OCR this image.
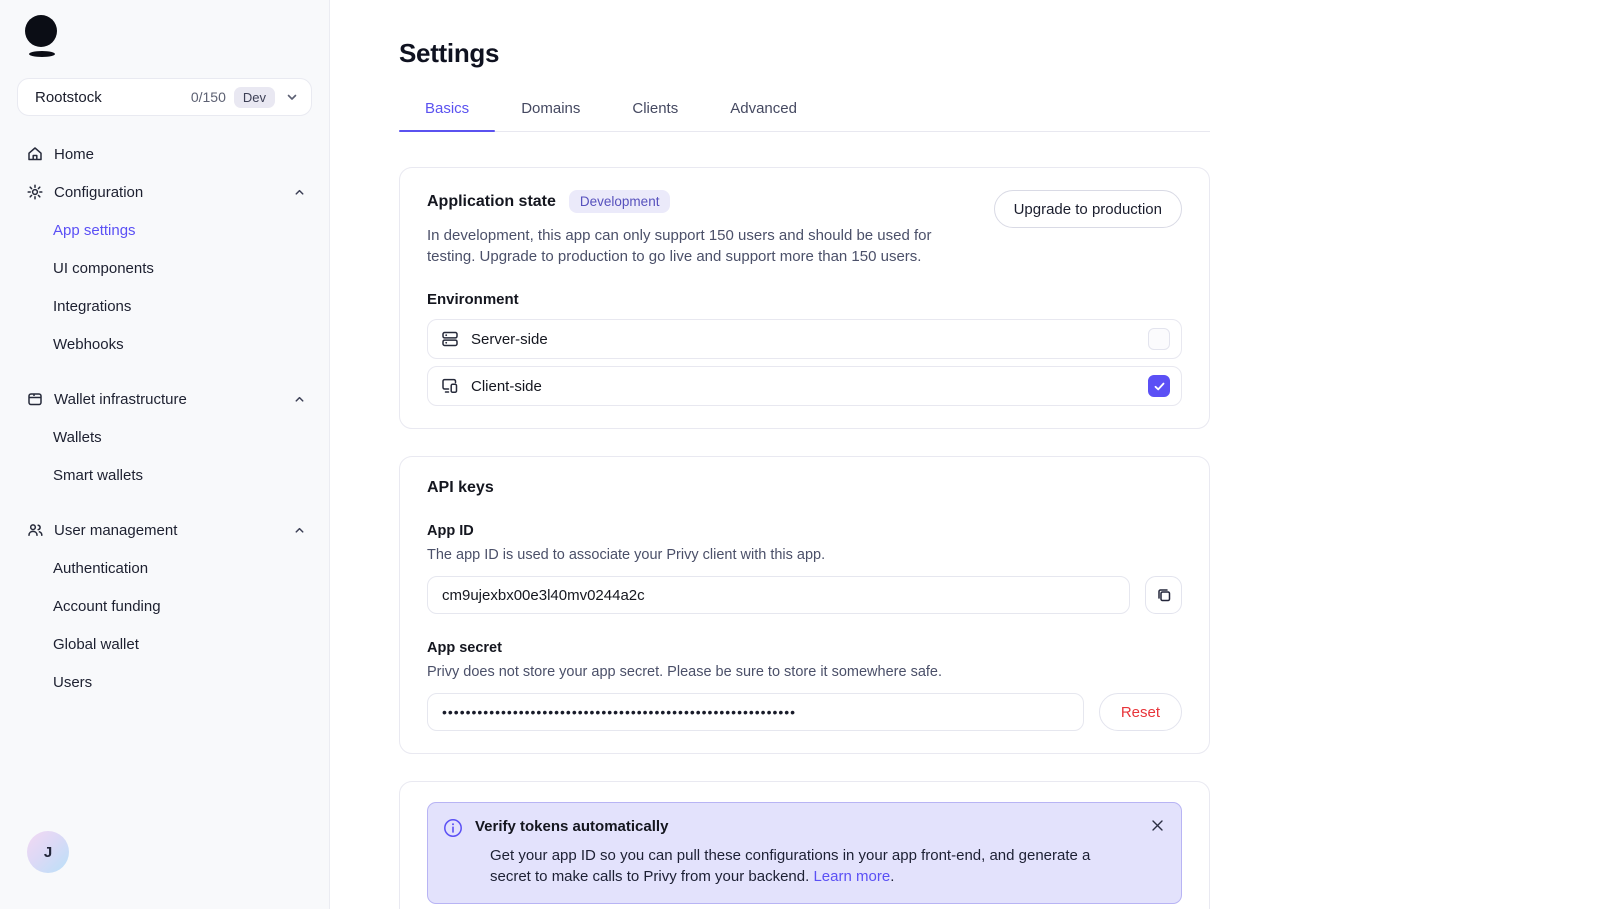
Rootstock	0/150	Dev
Home
Configuration
App settings
UI components
Integrations
Webhooks
Wallet infrastructure
Wallets
Smart wallets
User management
Authentication
Account funding
Global wallet
Users
J
Settings
Basics	Domains	Clients	Advanced
Application state	Development
In development, this app can only support 150 users and should be used for testing. Upgrade to production to go live and support more than 150 users.
Upgrade to production
Environment
Server-side
Client-side
API keys
App ID
The app ID is used to associate your Privy client with this app.
cm9ujexbx00e3l40mv0244a2c
App secret
Privy does not store your app secret. Please be sure to store it somewhere safe.
••••••••••••••••••••••••••••••••••••••••••••••••••••••••••••
Reset
Verify tokens automatically
Get your app ID so you can pull these configurations in your app front-end, and generate a secret to make calls to Privy from your backend. Learn more.
